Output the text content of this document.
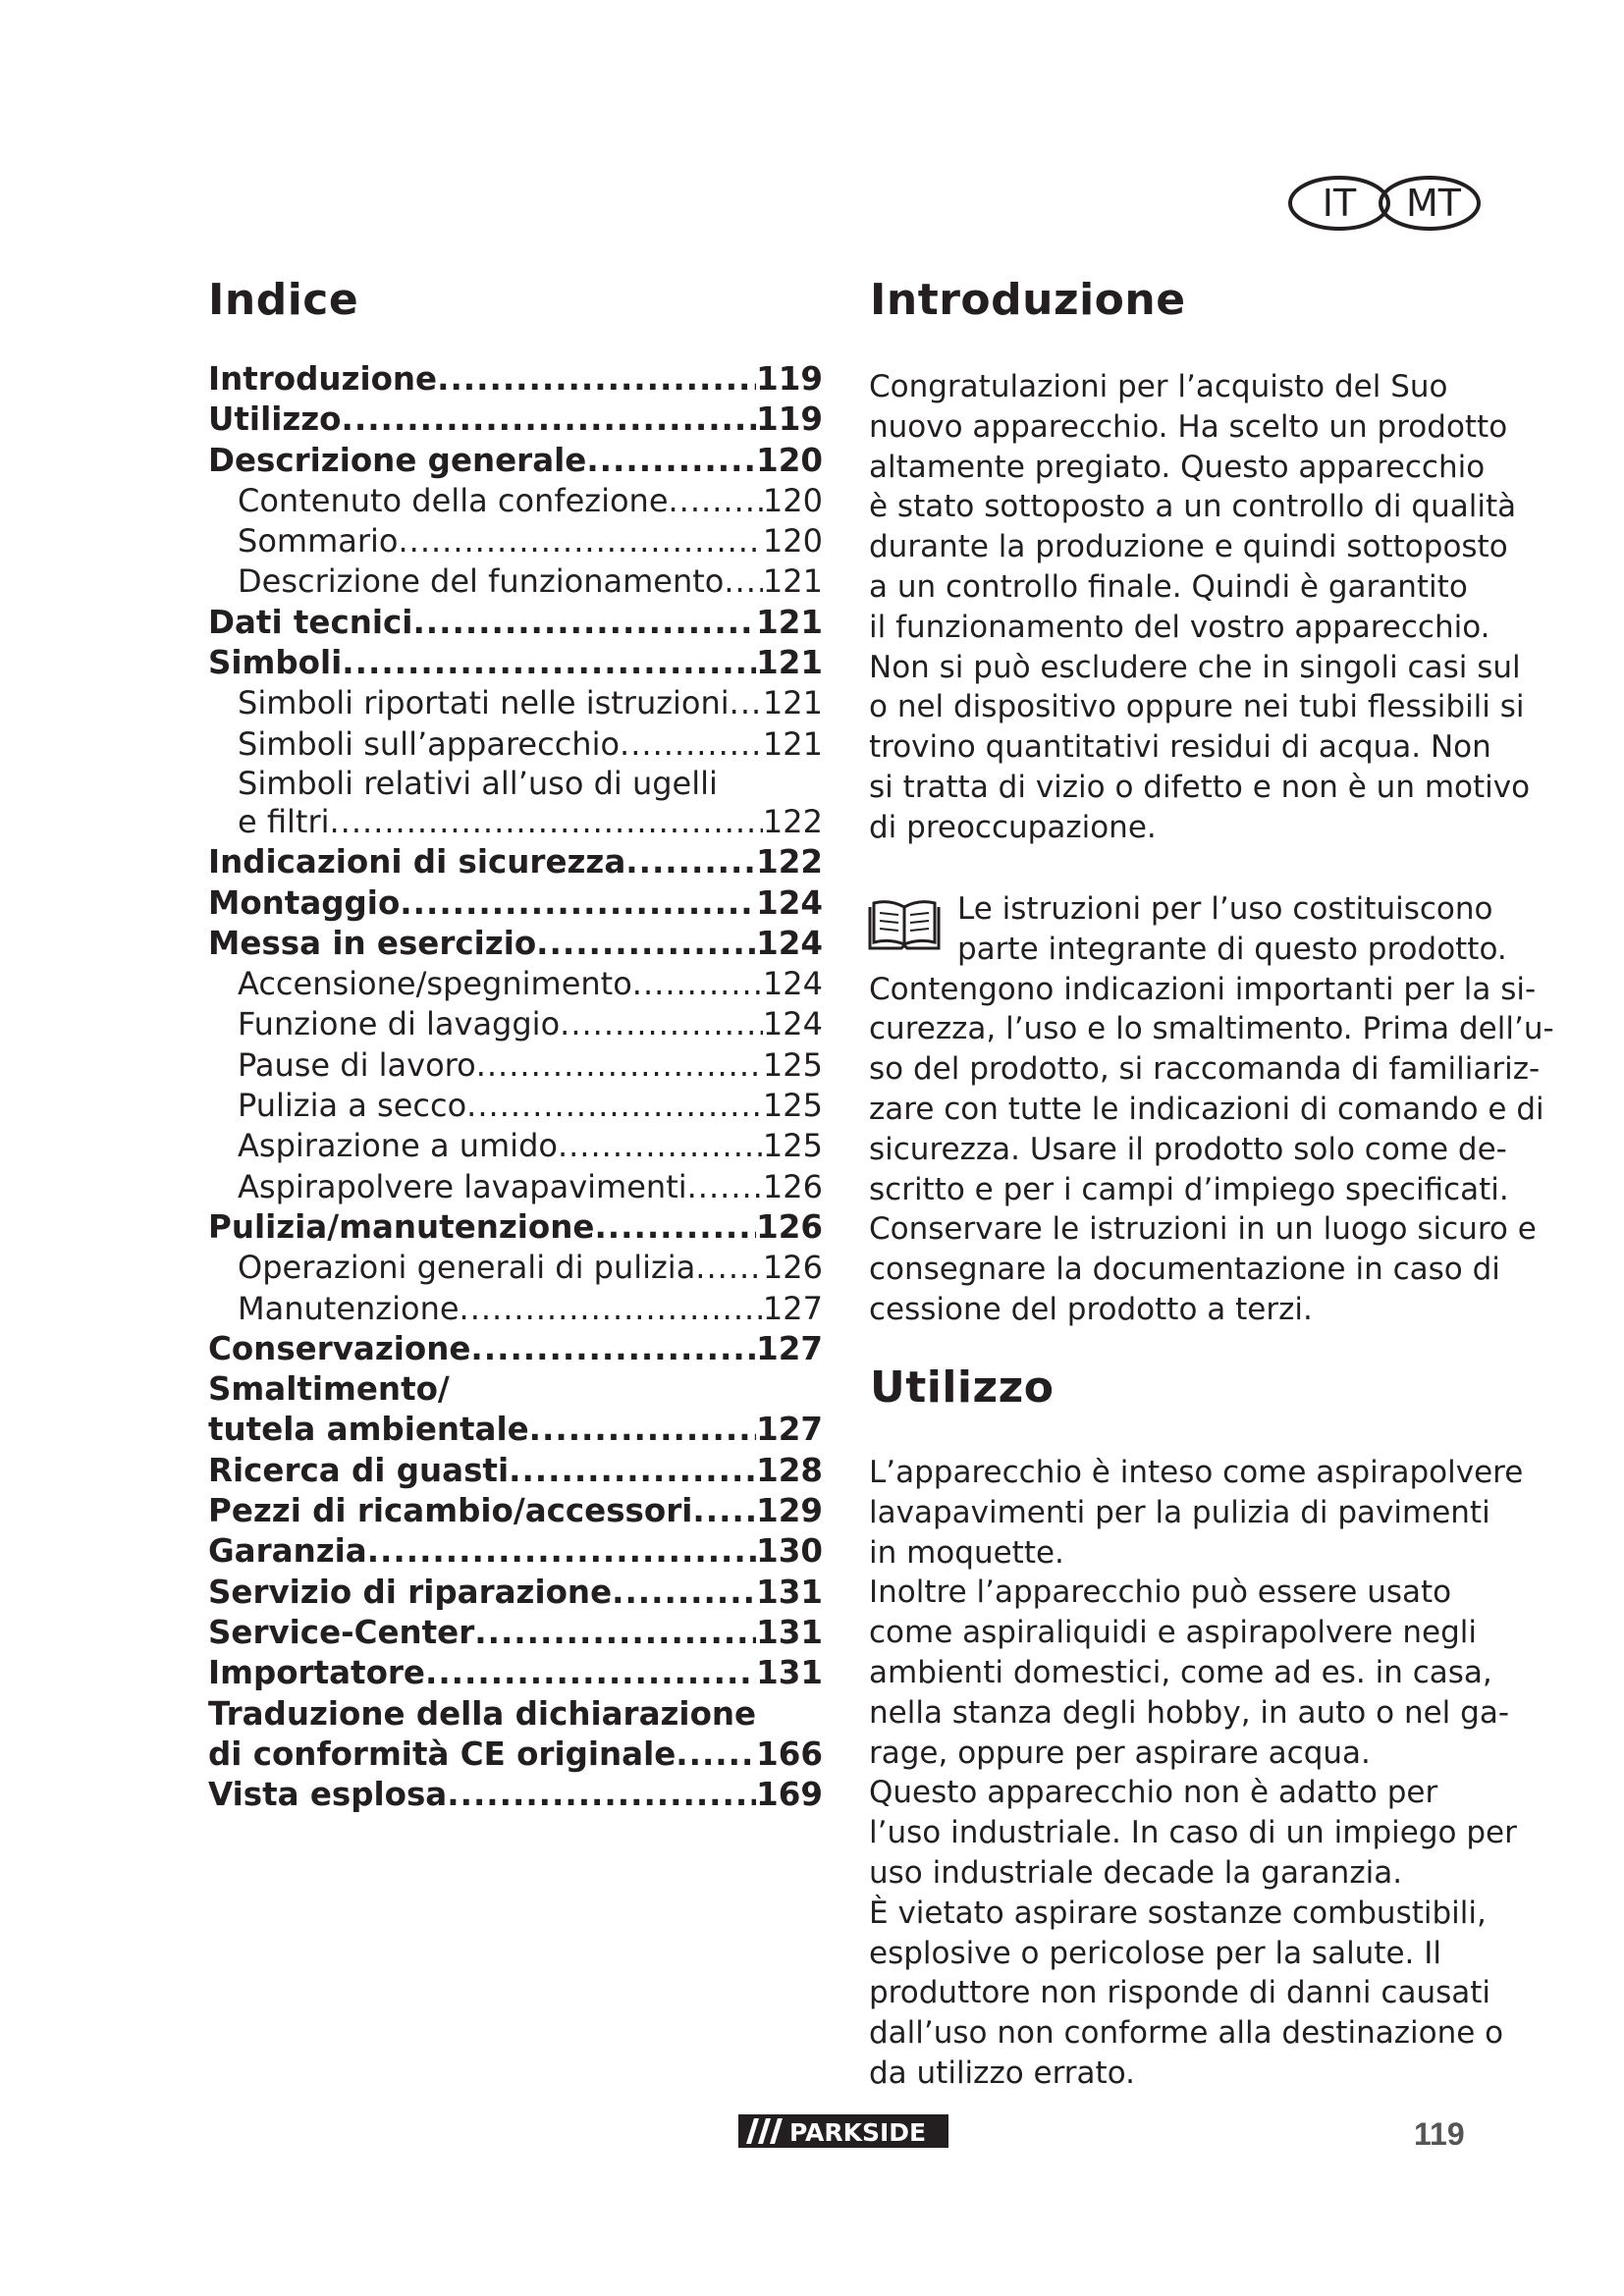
IT MT
Indice
Introduzione .....	119
Utilizzo .....	119
Descrizione generale .....	120
Contenuto della confezione .....	120
Sommario .....	120
Descrizione del funzionamento ..... 121
Dati tecnici .....	121
Simboli .....	121
Simboli riportati nelle istruzioni ..... 121
Simboli sull’apparecchio .....	121
Simboli relativi all’uso di ugelli
e filtri .....	122
Indicazioni di sicurezza .....	122
Montaggio .....	124
Messa in esercizio .....	124
Accensione/spegnimento .....	124
Funzione di lavaggio .....	124
Pause di lavoro .....	125
Pulizia a secco .....	125
Aspirazione a umido .....	125
Aspirapolvere lavapavimenti ..... 126
Pulizia/manutenzione .....	126
Operazioni generali di pulizia ..... 126
Manutenzione .....	127
Conservazione .....	127
Smaltimento/
tutela ambientale .....	127
Ricerca di guasti .....	128
Pezzi di ricambio/accessori ..... 129
Garanzia .....	130
Servizio di riparazione .....	131
Service-Center .....	131
Importatore .....	131
Traduzione della dichiarazione
di conformità CE originale .....	166
Vista esplosa .....	169
Introduzione

Congratulazioni per l’acquisto del Suo

nuovo apparecchio. Ha scelto un prodotto

altamente pregiato. Questo apparecchio

è stato sottoposto a un controllo di qualità

durante la produzione e quindi sottoposto

a un controllo finale. Quindi è garantito

il funzionamento del vostro apparecchio.

Non si può escludere che in singoli casi sul

o nel dispositivo oppure nei tubi flessibili si

trovino quantitativi residui di acqua. Non

si tratta di vizio o difetto e non è un motivo

di preoccupazione.

Le istruzioni per l’uso costituiscono

parte integrante di questo prodotto.

Contengono indicazioni importanti per la si-

curezza, l’uso e lo smaltimento. Prima dell’u-

so del prodotto, si raccomanda di familiariz-

zare con tutte le indicazioni di comando e di

sicurezza. Usare il prodotto solo come de-

scritto e per i campi d’impiego specificati.

Conservare le istruzioni in un luogo sicuro e

consegnare la documentazione in caso di

cessione del prodotto a terzi.

Utilizzo

L’apparecchio è inteso come aspirapolvere

lavapavimenti per la pulizia di pavimenti

in moquette.

Inoltre l’apparecchio può essere usato

come aspiraliquidi e aspirapolvere negli

ambienti domestici, come ad es. in casa,

nella stanza degli hobby, in auto o nel ga-

rage, oppure per aspirare acqua.

Questo apparecchio non è adatto per

l’uso industriale. In caso di un impiego per

uso industriale decade la garanzia.

È vietato aspirare sostanze combustibili,

esplosive o pericolose per la salute. Il

produttore non risponde di danni causati

dall’uso non conforme alla destinazione o

da utilizzo errato.

PARKSIDE	119
